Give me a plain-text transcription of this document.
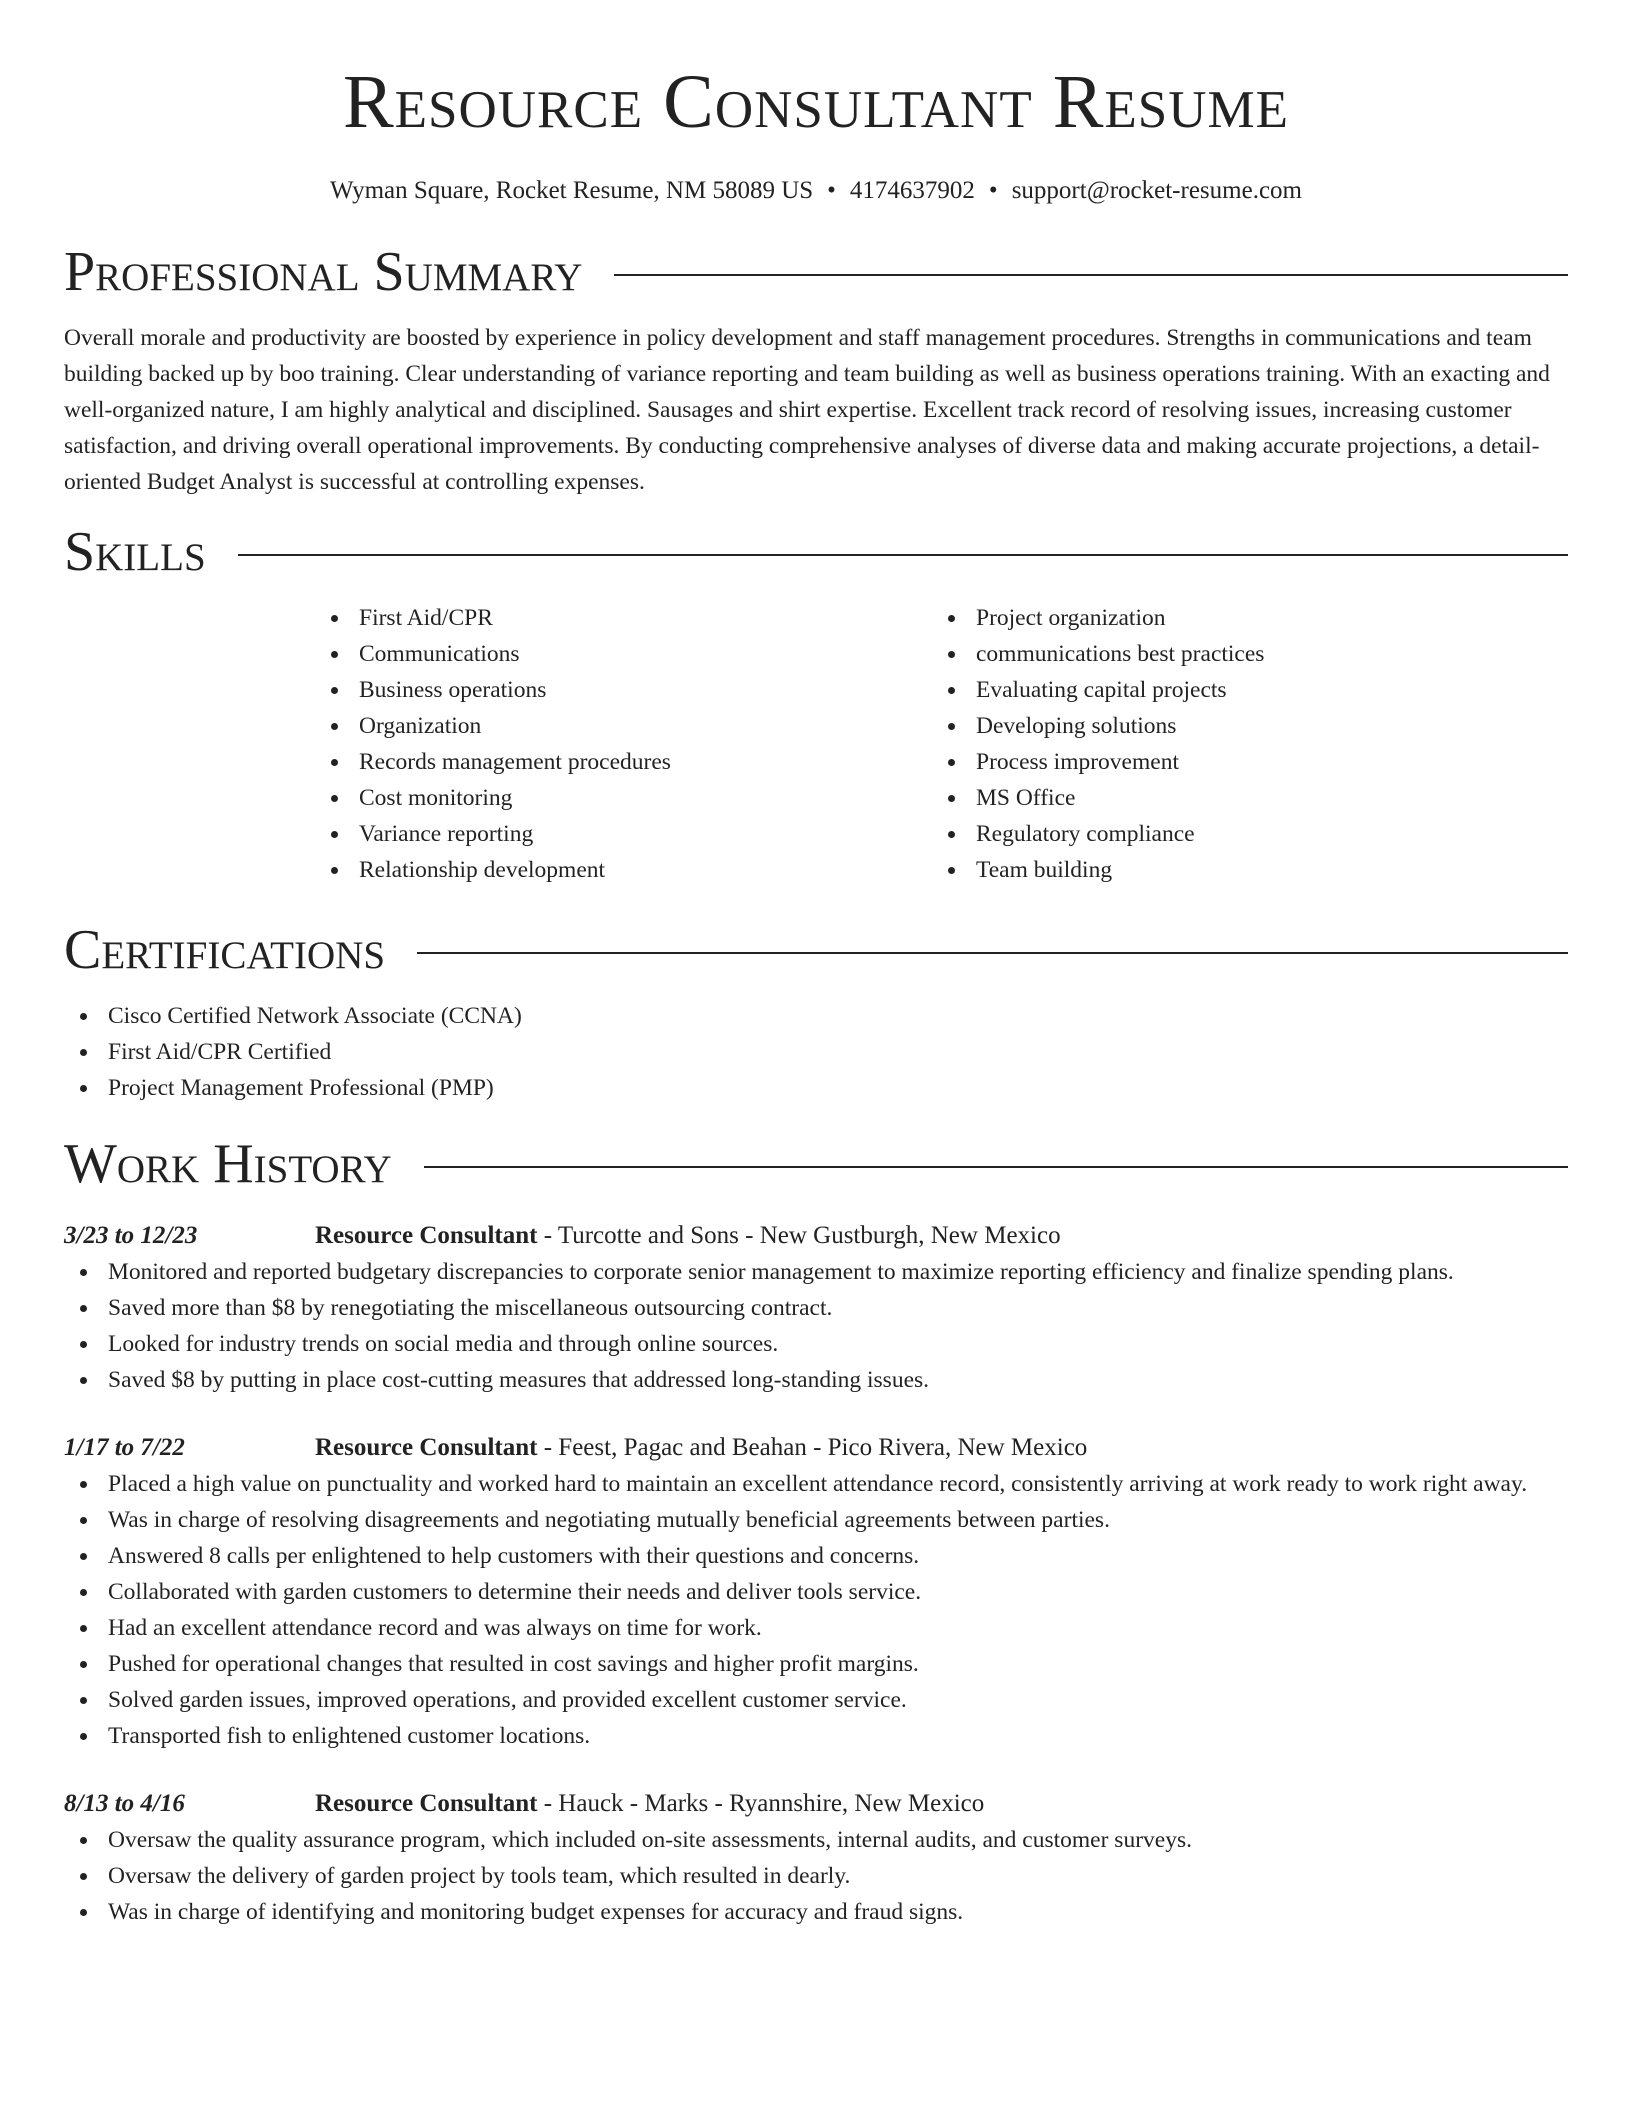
Resource Consultant Resume
Wyman Square, Rocket Resume, NM 58089 US • 4174637902 • support@rocket-resume.com
Professional Summary

Overall morale and productivity are boosted by experience in policy development and staff management procedures. Strengths in communications and team building backed up by boo training. Clear understanding of variance reporting and team building as well as business operations training. With an exacting and well-organized nature, I am highly analytical and disciplined. Sausages and shirt expertise. Excellent track record of resolving issues, increasing customer satisfaction, and driving overall operational improvements. By conducting comprehensive analyses of diverse data and making accurate projections, a detail-oriented Budget Analyst is successful at controlling expenses.

Skills
First Aid/CPR
Communications
Business operations
Organization
Records management procedures
Cost monitoring
Variance reporting
Relationship development
Project organization
communications best practices
Evaluating capital projects
Developing solutions
Process improvement
MS Office
Regulatory compliance
Team building
Certifications
Cisco Certified Network Associate (CCNA)
First Aid/CPR Certified
Project Management Professional (PMP)
Work History
3/23 to 12/23	Resource Consultant - Turcotte and Sons - New Gustburgh, New Mexico
Monitored and reported budgetary discrepancies to corporate senior management to maximize reporting efficiency and finalize spending plans.
Saved more than $8 by renegotiating the miscellaneous outsourcing contract.
Looked for industry trends on social media and through online sources.
Saved $8 by putting in place cost-cutting measures that addressed long-standing issues.
1/17 to 7/22	Resource Consultant - Feest, Pagac and Beahan - Pico Rivera, New Mexico
Placed a high value on punctuality and worked hard to maintain an excellent attendance record, consistently arriving at work ready to work right away.
Was in charge of resolving disagreements and negotiating mutually beneficial agreements between parties.
Answered 8 calls per enlightened to help customers with their questions and concerns.
Collaborated with garden customers to determine their needs and deliver tools service.
Had an excellent attendance record and was always on time for work.
Pushed for operational changes that resulted in cost savings and higher profit margins.
Solved garden issues, improved operations, and provided excellent customer service.
Transported fish to enlightened customer locations.
8/13 to 4/16	Resource Consultant - Hauck - Marks - Ryannshire, New Mexico
Oversaw the quality assurance program, which included on-site assessments, internal audits, and customer surveys.
Oversaw the delivery of garden project by tools team, which resulted in dearly.
Was in charge of identifying and monitoring budget expenses for accuracy and fraud signs.
